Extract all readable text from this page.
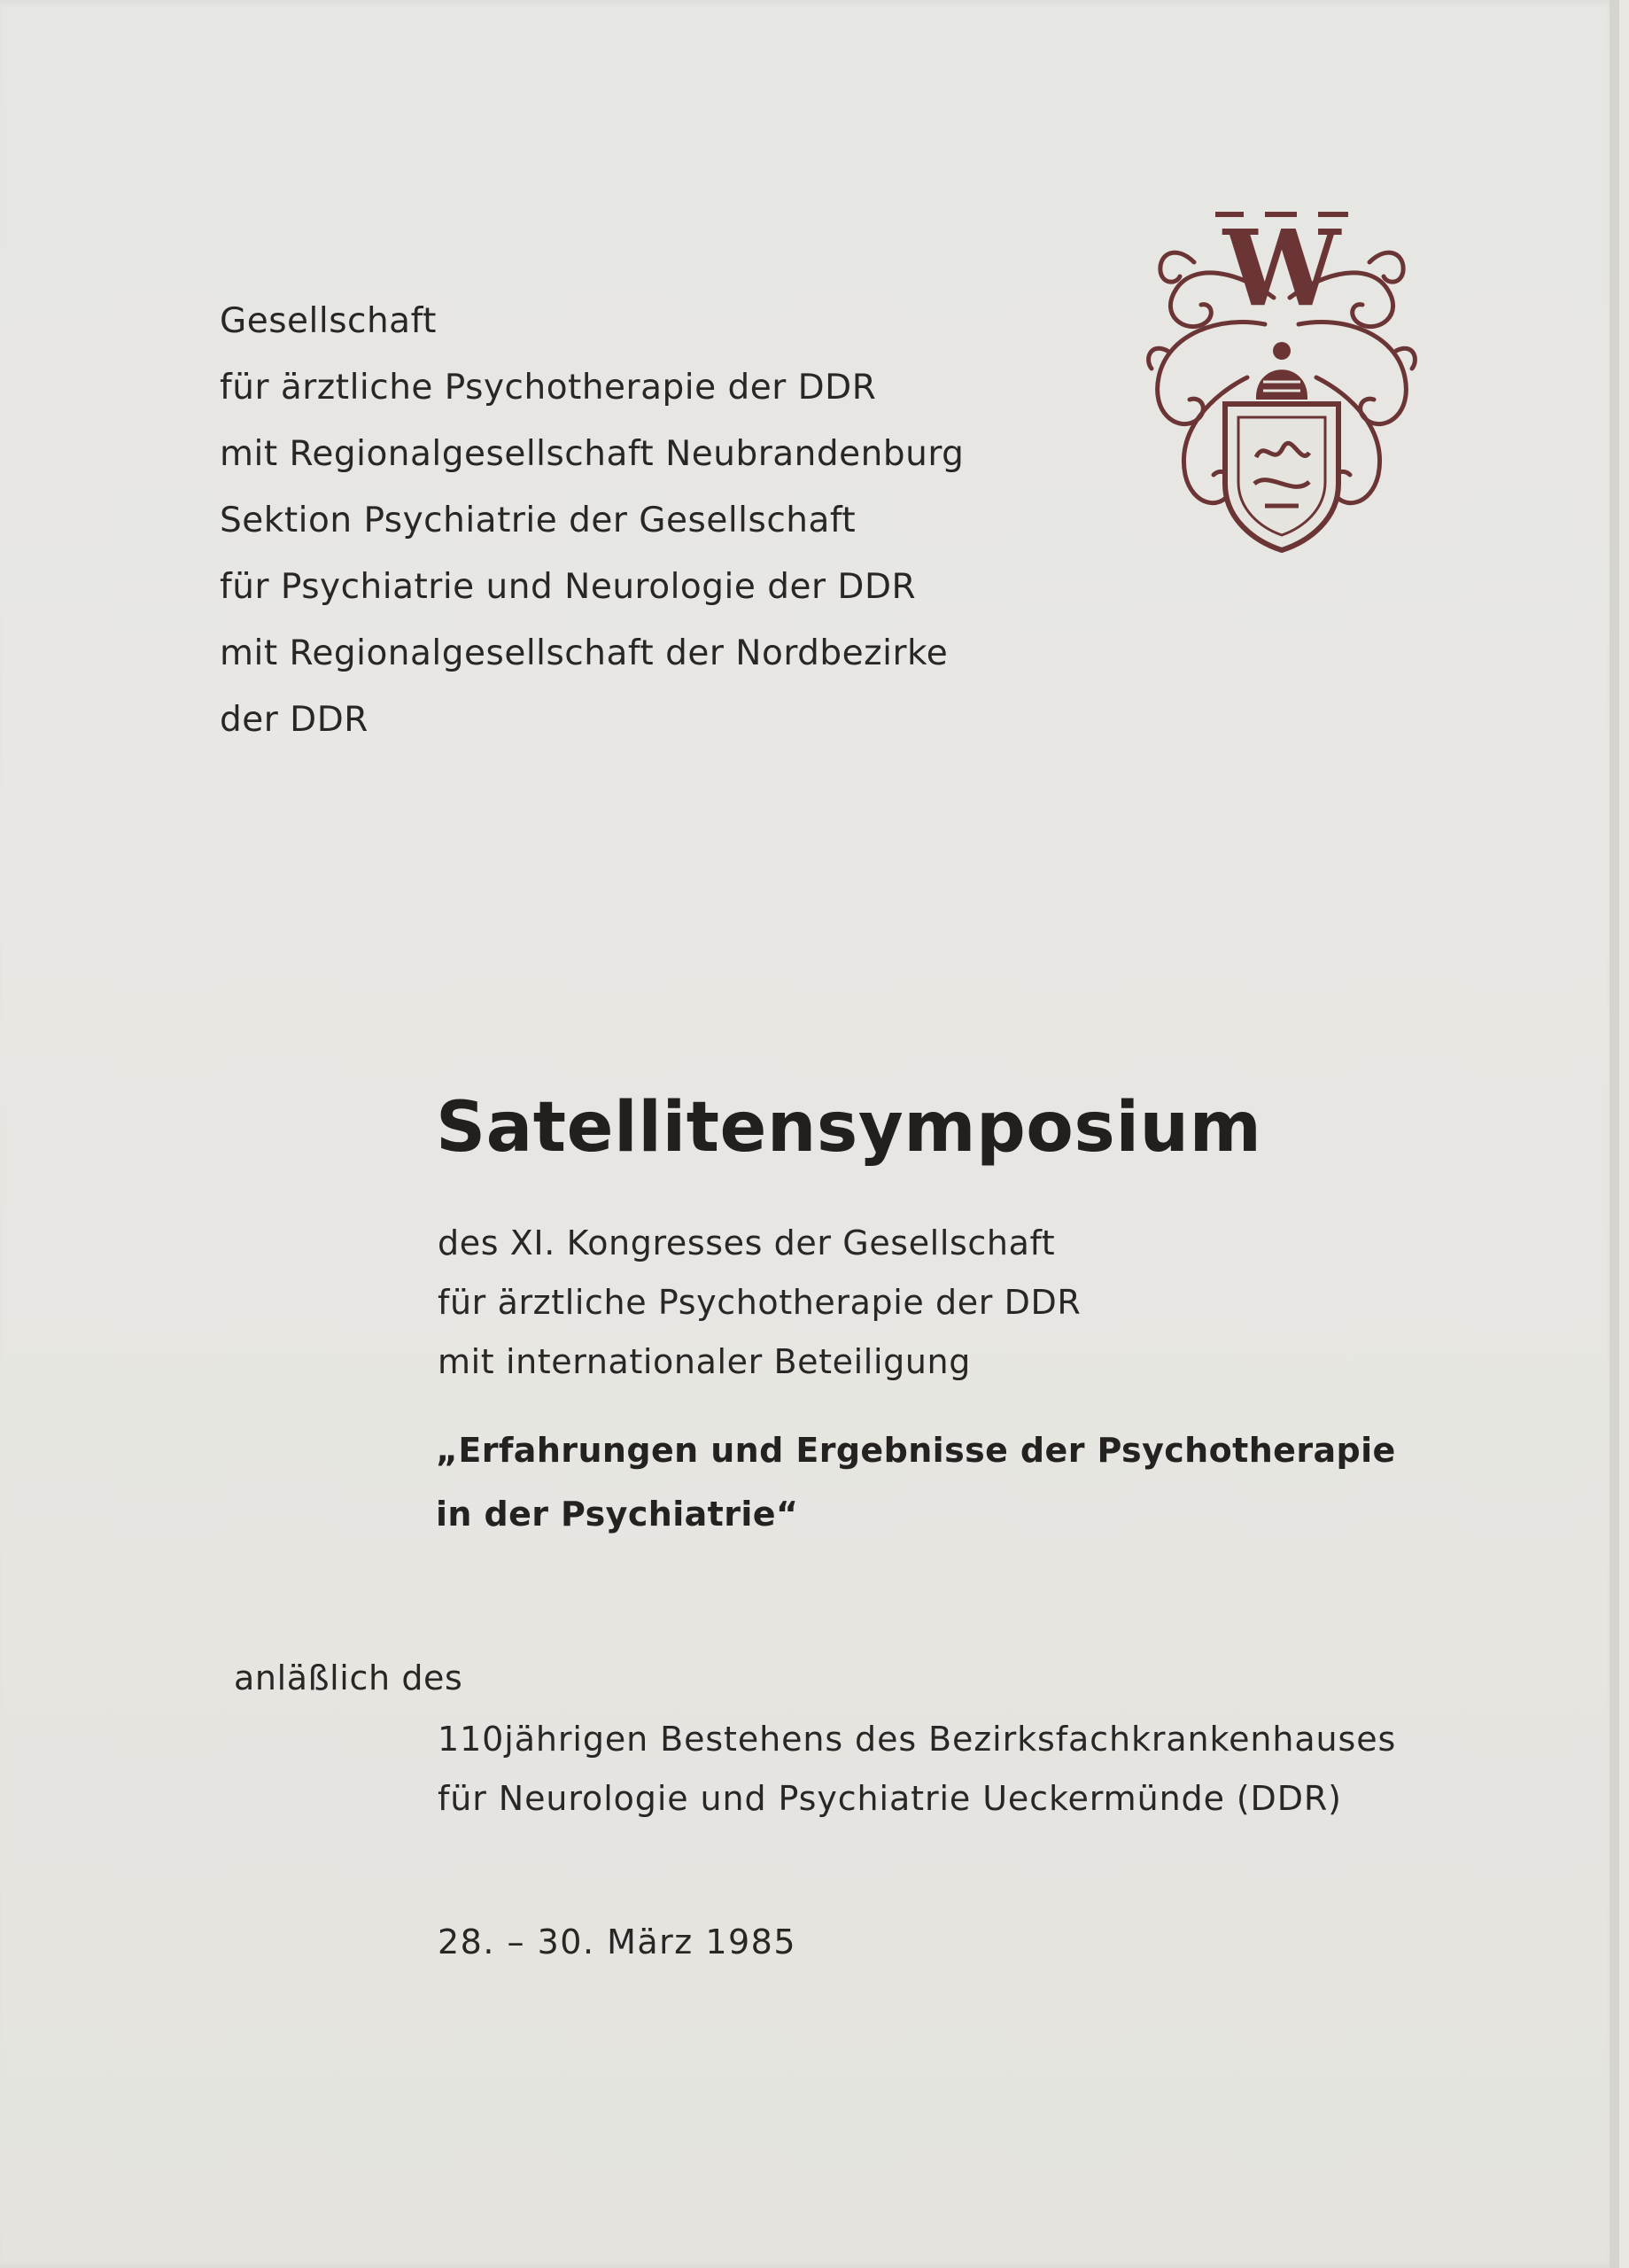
Gesellschaft
für ärztliche Psychotherapie der DDR
mit Regionalgesellschaft Neubrandenburg
Sektion Psychiatrie der Gesellschaft
für Psychiatrie und Neurologie der DDR
mit Regionalgesellschaft der Nordbezirke
der DDR
W
Satellitensymposium
des XI. Kongresses der Gesellschaft
für ärztliche Psychotherapie der DDR
mit internationaler Beteiligung
„Erfahrungen und Ergebnisse der Psychotherapie
in der Psychiatrie“
anläßlich des
110jährigen Bestehens des Bezirksfachkrankenhauses
für Neurologie und Psychiatrie Ueckermünde (DDR)
28. – 30. März 1985
